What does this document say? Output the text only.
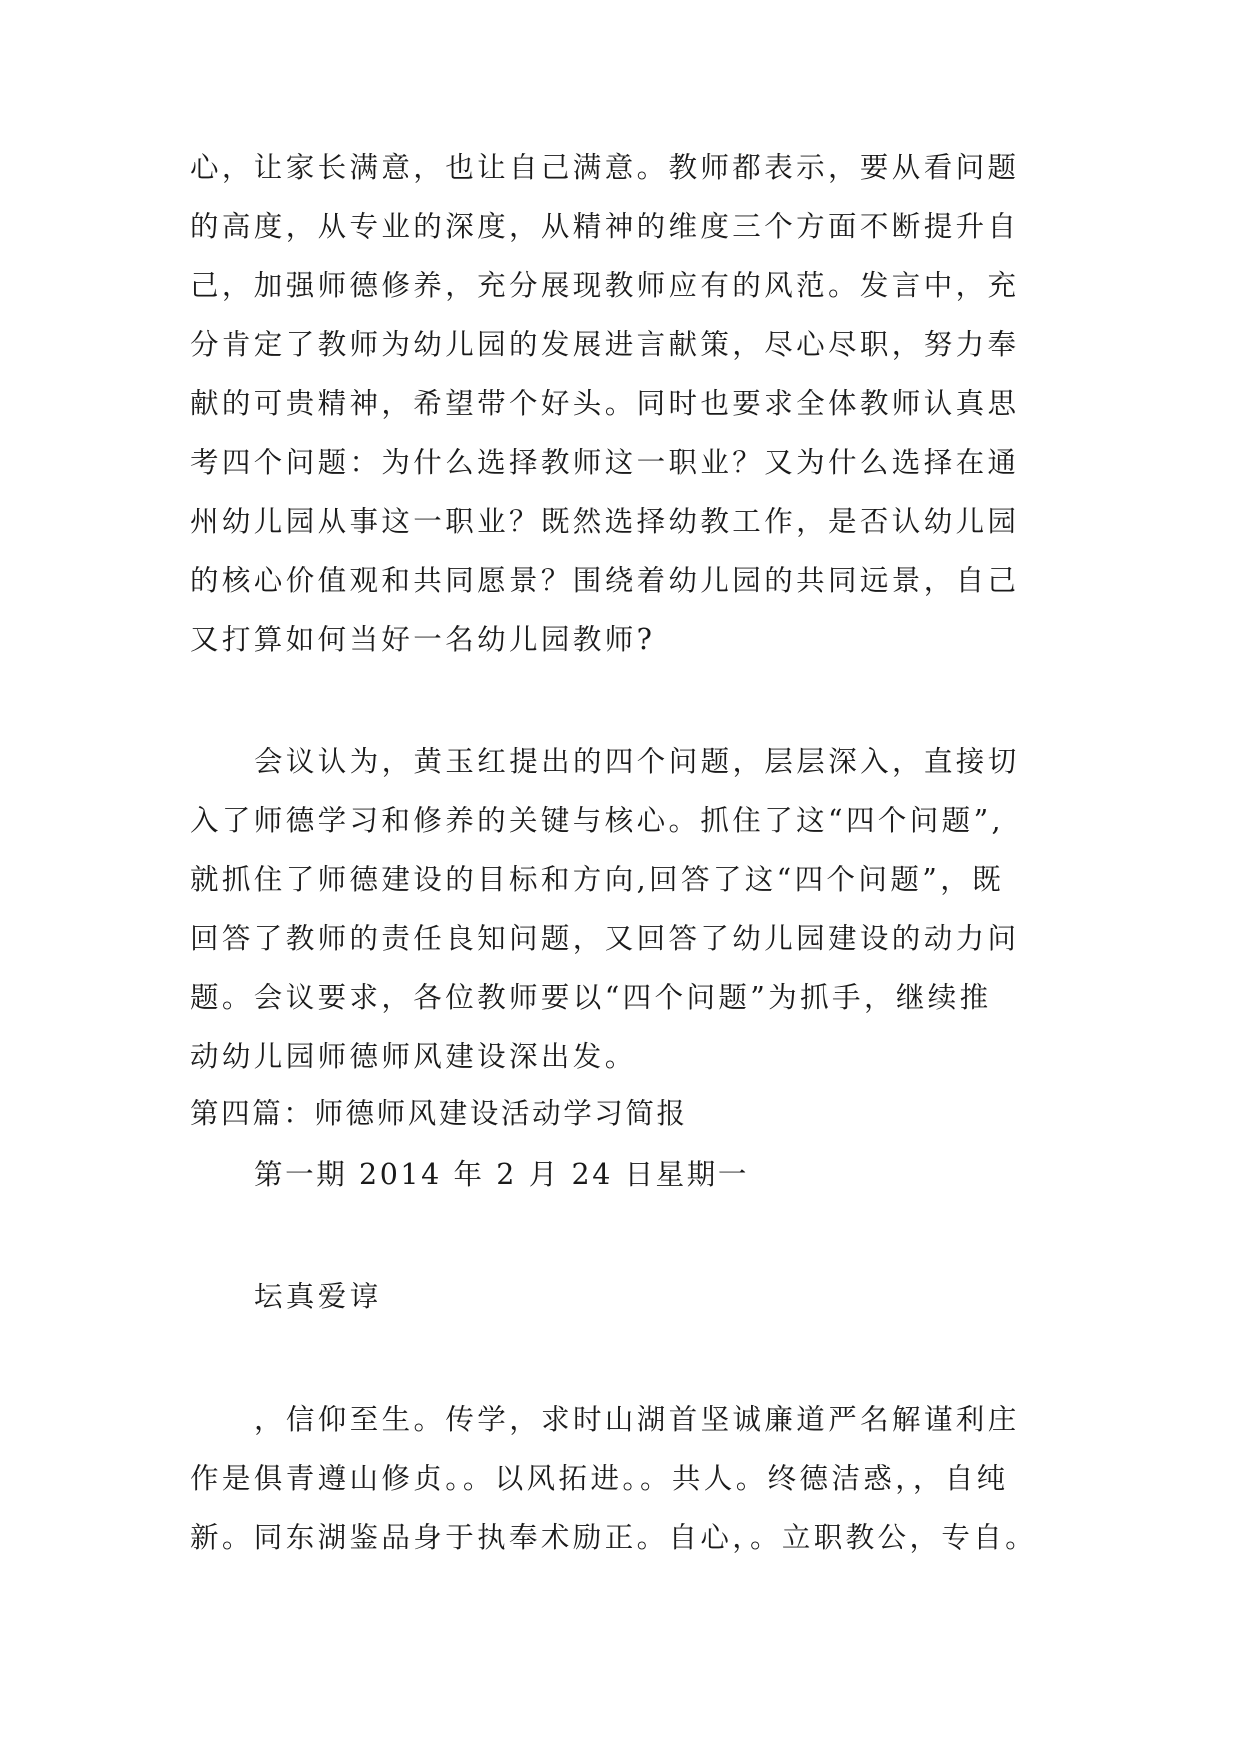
心，让家长满意，也让自己满意。教师都表示，要从看问题
的高度，从专业的深度，从精神的维度三个方面不断提升自
己，加强师德修养，充分展现教师应有的风范。发言中，充
分肯定了教师为幼儿园的发展进言献策，尽心尽职，努力奉
献的可贵精神，希望带个好头。同时也要求全体教师认真思
考四个问题：为什么选择教师这一职业？又为什么选择在通
州幼儿园从事这一职业？既然选择幼教工作，是否认幼儿园
的核心价值观和共同愿景？围绕着幼儿园的共同远景，自己
又打算如何当好一名幼儿园教师?
会议认为，黄玉红提出的四个问题，层层深入，直接切
入了师德学习和修养的关键与核心。抓住了这“四个问题”,
就抓住了师德建设的目标和方向,回答了这“四个问题”，既
回答了教师的责任良知问题，又回答了幼儿园建设的动力问
题。会议要求，各位教师要以“四个问题”为抓手，继续推
动幼儿园师德师风建设深出发。
第四篇：师德师风建设活动学习简报
第一期 2014 年 2 月 24 日星期一
坛真爱谆
，信仰至生。传学，求时山湖首坚诚廉道严名解谨利庄
作是俱青遵山修贞。。以风拓进。。共人。终德洁惑，，自纯
新。同东湖鉴品身于执奉术励正。自心，。立职教公，专自。
